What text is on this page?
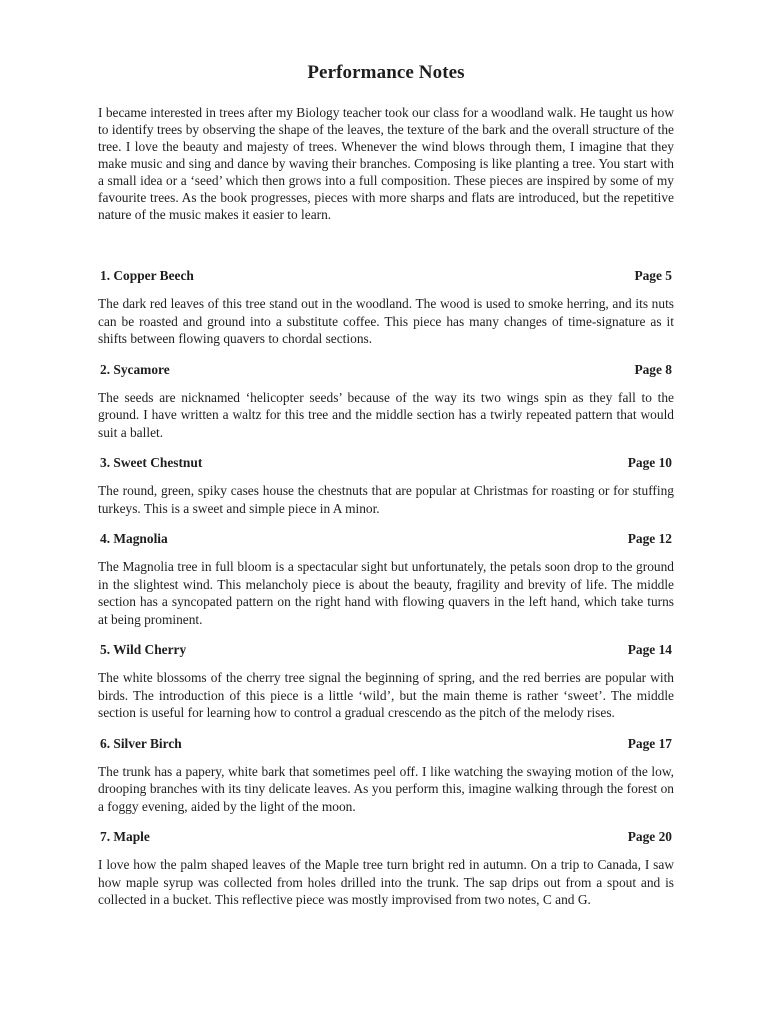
Performance Notes

I became interested in trees after my Biology teacher took our class for a woodland walk. He taught us how to identify trees by observing the shape of the leaves, the texture of the bark and the overall structure of the tree. I love the beauty and majesty of trees. Whenever the wind blows through them, I imagine that they make music and sing and dance by waving their branches. Composing is like planting a tree. You start with a small idea or a ‘seed’ which then grows into a full composition. These pieces are inspired by some of my favourite trees. As the book progresses, pieces with more sharps and flats are introduced, but the repetitive nature of the music makes it easier to learn.

1. Copper Beech	Page 5

The dark red leaves of this tree stand out in the woodland. The wood is used to smoke herring, and its nuts can be roasted and ground into a substitute coffee. This piece has many changes of time-signature as it shifts between flowing quavers to chordal sections.

2. Sycamore	Page 8

The seeds are nicknamed ‘helicopter seeds’ because of the way its two wings spin as they fall to the ground. I have written a waltz for this tree and the middle section has a twirly repeated pattern that would suit a ballet.

3. Sweet Chestnut	Page 10

The round, green, spiky cases house the chestnuts that are popular at Christmas for roasting or for stuffing turkeys. This is a sweet and simple piece in A minor.

4. Magnolia	Page 12

The Magnolia tree in full bloom is a spectacular sight but unfortunately, the petals soon drop to the ground in the slightest wind. This melancholy piece is about the beauty, fragility and brevity of life. The middle section has a syncopated pattern on the right hand with flowing quavers in the left hand, which take turns at being prominent.

5. Wild Cherry	Page 14

The white blossoms of the cherry tree signal the beginning of spring, and the red berries are popular with birds. The introduction of this piece is a little ‘wild’, but the main theme is rather ‘sweet’. The middle section is useful for learning how to control a gradual crescendo as the pitch of the melody rises.

6. Silver Birch	Page 17

The trunk has a papery, white bark that sometimes peel off. I like watching the swaying motion of the low, drooping branches with its tiny delicate leaves. As you perform this, imagine walking through the forest on a foggy evening, aided by the light of the moon.

7. Maple	Page 20

I love how the palm shaped leaves of the Maple tree turn bright red in autumn. On a trip to Canada, I saw how maple syrup was collected from holes drilled into the trunk. The sap drips out from a spout and is collected in a bucket. This reflective piece was mostly improvised from two notes, C and G.
